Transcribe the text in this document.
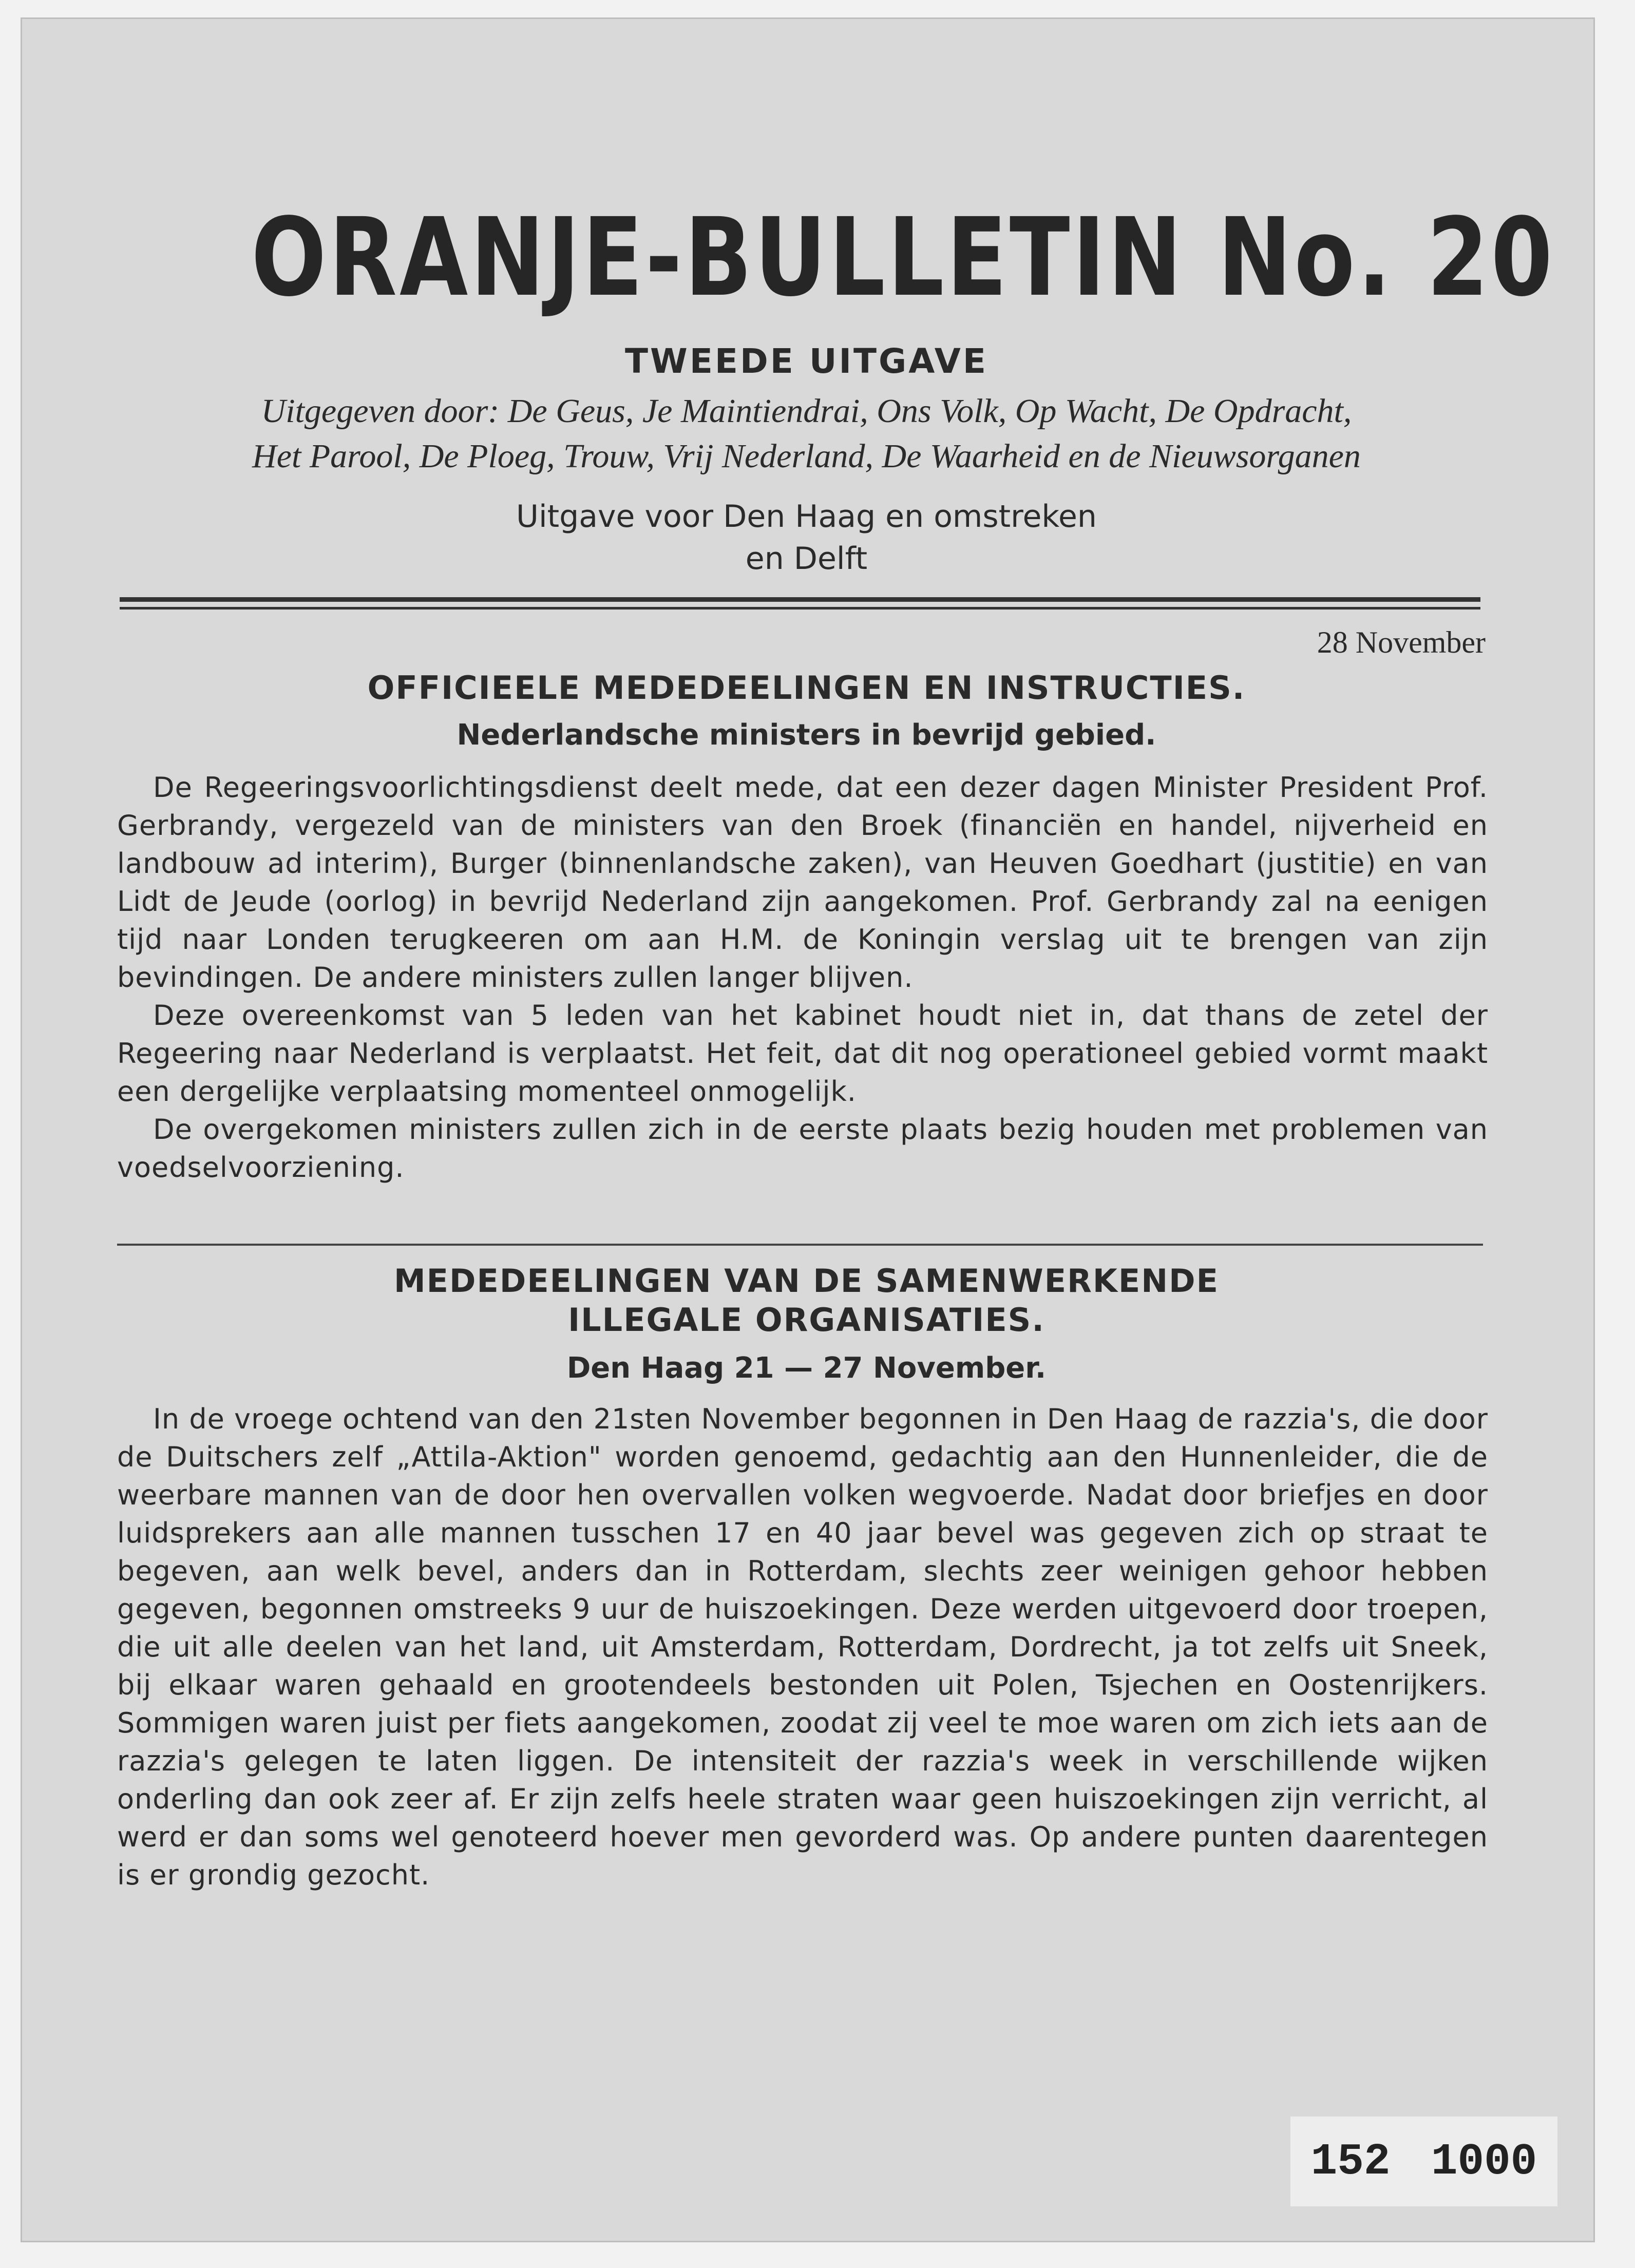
ORANJE-BULLETIN No. 20
TWEEDE UITGAVE
Uitgegeven door: De Geus, Je Maintiendrai, Ons Volk, Op Wacht, De Opdracht,
Het Parool, De Ploeg, Trouw, Vrij Nederland, De Waarheid en de Nieuwsorganen
Uitgave voor Den Haag en omstreken
en Delft

28 November

OFFICIEELE MEDEDEELINGEN EN INSTRUCTIES.
Nederlandsche ministers in bevrijd gebied.

De Regeeringsvoorlichtingsdienst deelt mede, dat een dezer dagen Minister President Prof. Gerbrandy, vergezeld van de ministers van den Broek (financiën en handel, nijverheid en landbouw ad interim), Burger (binnenlandsche zaken), van Heuven Goedhart (justitie) en van Lidt de Jeude (oorlog) in bevrijd Nederland zijn aangekomen. Prof. Gerbrandy zal na eenigen tijd naar Londen terugkeeren om aan H.M. de Koningin verslag uit te brengen van zijn bevindingen. De andere ministers zullen langer blijven.

Deze overeenkomst van 5 leden van het kabinet houdt niet in, dat thans de zetel der Regeering naar Nederland is verplaatst. Het feit, dat dit nog operationeel gebied vormt maakt een dergelijke verplaatsing momenteel onmogelijk.

De overgekomen ministers zullen zich in de eerste plaats bezig houden met problemen van voedselvoorziening.

MEDEDEELINGEN VAN DE SAMENWERKENDE
ILLEGALE ORGANISATIES.
Den Haag 21 — 27 November.

In de vroege ochtend van den 21sten November begonnen in Den Haag de razzia's, die door de Duitschers zelf „Attila-Aktion" worden genoemd, gedachtig aan den Hunnenleider, die de weerbare mannen van de door hen overvallen volken wegvoerde. Nadat door briefjes en door luidsprekers aan alle mannen tusschen 17 en 40 jaar bevel was gegeven zich op straat te begeven, aan welk bevel, anders dan in Rotterdam, slechts zeer weinigen gehoor hebben gegeven, begonnen omstreeks 9 uur de huiszoekingen. Deze werden uitgevoerd door troepen, die uit alle deelen van het land, uit Amsterdam, Rotterdam, Dordrecht, ja tot zelfs uit Sneek, bij elkaar waren gehaald en grootendeels bestonden uit Polen, Tsjechen en Oostenrijkers. Sommigen waren juist per fiets aangekomen, zoodat zij veel te moe waren om zich iets aan de razzia's gelegen te laten liggen. De intensiteit der razzia's week in verschillende wijken onderling dan ook zeer af. Er zijn zelfs heele straten waar geen huiszoekingen zijn verricht, al werd er dan soms wel genoteerd hoever men gevorderd was. Op andere punten daarentegen is er grondig gezocht.

152 1000
